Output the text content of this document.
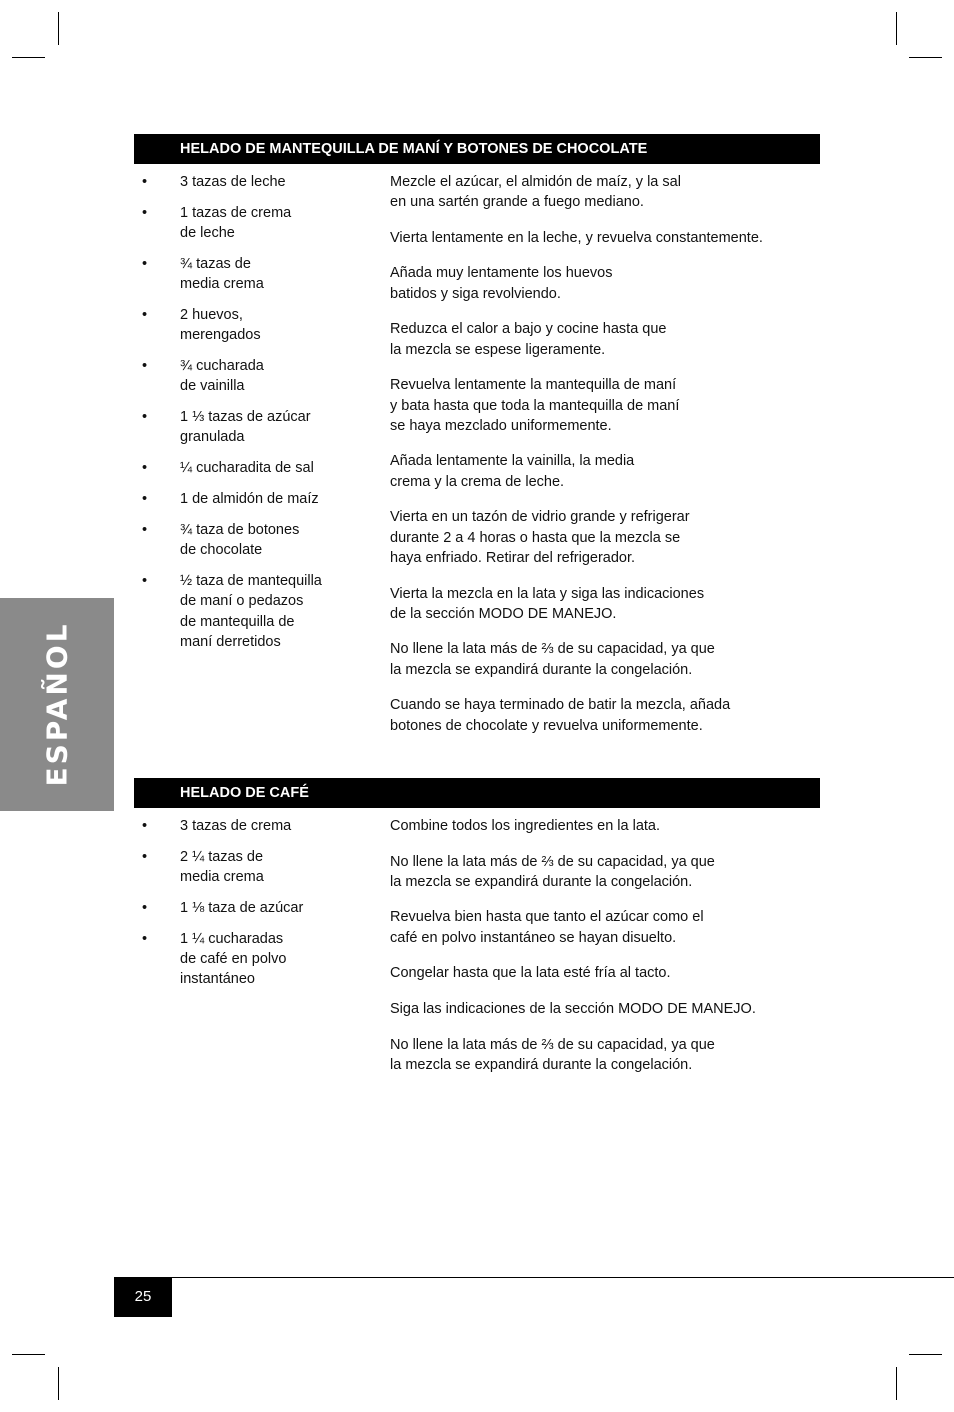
ESPAÑOL
HELADO DE MANTEQUILLA DE MANÍ Y BOTONES DE CHOCOLATE
• 3 tazas de leche
• 1 tazas de crema
de leche
• ¾ tazas de
media crema
• 2 huevos,
merengados
• ¾ cucharada
de vainilla
• 1 ⅓ tazas de azúcar
granulada
• ¼ cucharadita de sal
• 1 de almidón de maíz
• ¾ taza de botones
de chocolate
• ½ taza de mantequilla
de maní o pedazos
de mantequilla de
maní derretidos

Mezcle el azúcar, el almidón de maíz, y la sal
en una sartén grande a fuego mediano.

Vierta lentamente en la leche, y revuelva constantemente.

Añada muy lentamente los huevos
batidos y siga revolviendo.

Reduzca el calor a bajo y cocine hasta que
la mezcla se espese ligeramente.

Revuelva lentamente la mantequilla de maní
y bata hasta que toda la mantequilla de maní
se haya mezclado uniformemente.

Añada lentamente la vainilla, la media
crema y la crema de leche.

Vierta en un tazón de vidrio grande y refrigerar
durante 2 a 4 horas o hasta que la mezcla se
haya enfriado. Retirar del refrigerador.

Vierta la mezcla en la lata y siga las indicaciones
de la sección MODO DE MANEJO.

No llene la lata más de ⅔ de su capacidad, ya que
la mezcla se expandirá durante la congelación.

Cuando se haya terminado de batir la mezcla, añada
botones de chocolate y revuelva uniformemente.

HELADO DE CAFÉ
• 3 tazas de crema
• 2 ¼ tazas de
media crema
• 1 ⅛ taza de azúcar
• 1 ¼ cucharadas
de café en polvo
instantáneo

Combine todos los ingredientes en la lata.

No llene la lata más de ⅔ de su capacidad, ya que
la mezcla se expandirá durante la congelación.

Revuelva bien hasta que tanto el azúcar como el
café en polvo instantáneo se hayan disuelto.

Congelar hasta que la lata esté fría al tacto.

Siga las indicaciones de la sección MODO DE MANEJO.

No llene la lata más de ⅔ de su capacidad, ya que
la mezcla se expandirá durante la congelación.

25
